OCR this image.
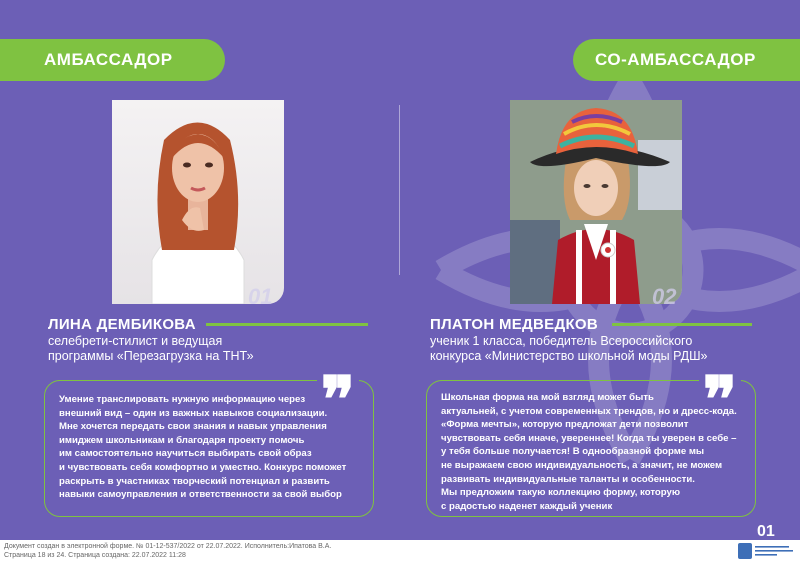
АМБАССАДОР	СО-АМБАССАДОР
01	02
ЛИНА ДЕМБИКОВА	ПЛАТОН МЕДВЕДКОВ
селебрети-стилист и ведущая
программы «Перезагрузка на ТНТ»
ученик 1 класса, победитель Всероссийского
конкурса «Министерство школьной моды РДШ»
❞
Умение транслировать нужную информацию через
внешний вид – один из важных навыков социализации.
Мне хочется передать свои знания и навык управления
имиджем школьникам и благодаря проекту помочь
им самостоятельно научиться выбирать свой образ
и чувствовать себя комфортно и уместно. Конкурс поможет
раскрыть в участниках творческий потенциал и развить
навыки самоуправления и ответственности за свой выбор
❞
Школьная форма на мой взгляд может быть
актуальней, с учетом современных трендов, но и дресс-кода.
«Форма мечты», которую предложат дети позволит
чувствовать себя иначе, увереннее! Когда ты уверен в себе –
у тебя больше получается! В однообразной форме мы
не выражаем свою индивидуальность, а значит, не можем
развивать индивидуальные таланты и особенности.
Мы предложим такую коллекцию форму, которую
с радостью наденет каждый ученик
01
Документ создан в электронной форме. № 01-12-537/2022 от 22.07.2022. Исполнитель:Ипатова В.А.
Страница 18 из 24. Страница создана: 22.07.2022 11:28
